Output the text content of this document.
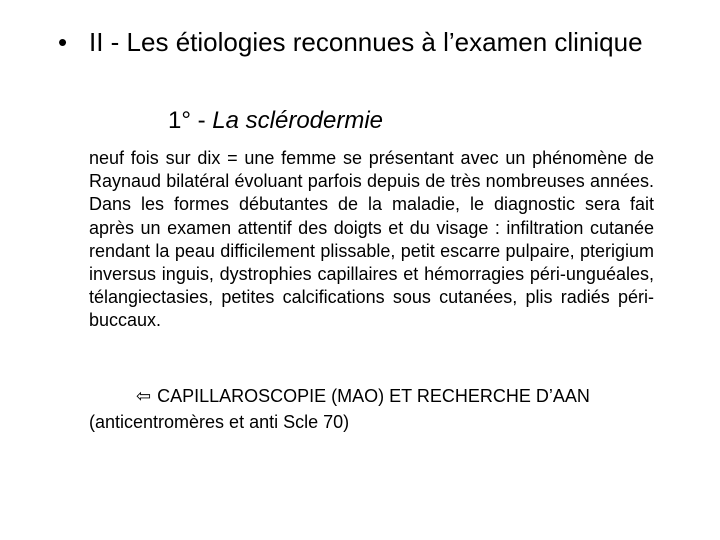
• II - Les étiologies reconnues à l’examen clinique
1° - La sclérodermie
neuf fois sur dix = une femme se présentant avec un phénomène de Raynaud bilatéral évoluant parfois depuis de très nombreuses années. Dans les formes débutantes de la maladie, le diagnostic sera fait après un examen attentif des doigts et du visage : infiltration cutanée rendant la peau difficilement plissable, petit escarre pulpaire, pterigium inversus inguis, dystrophies capillaires et hémorragies péri-unguéales, télangiectasies, petites calcifications sous cutanées, plis radiés péri-buccaux.
⇦ CAPILLAROSCOPIE (MAO) ET RECHERCHE D’AAN
(anticentromères et anti Scle 70)
